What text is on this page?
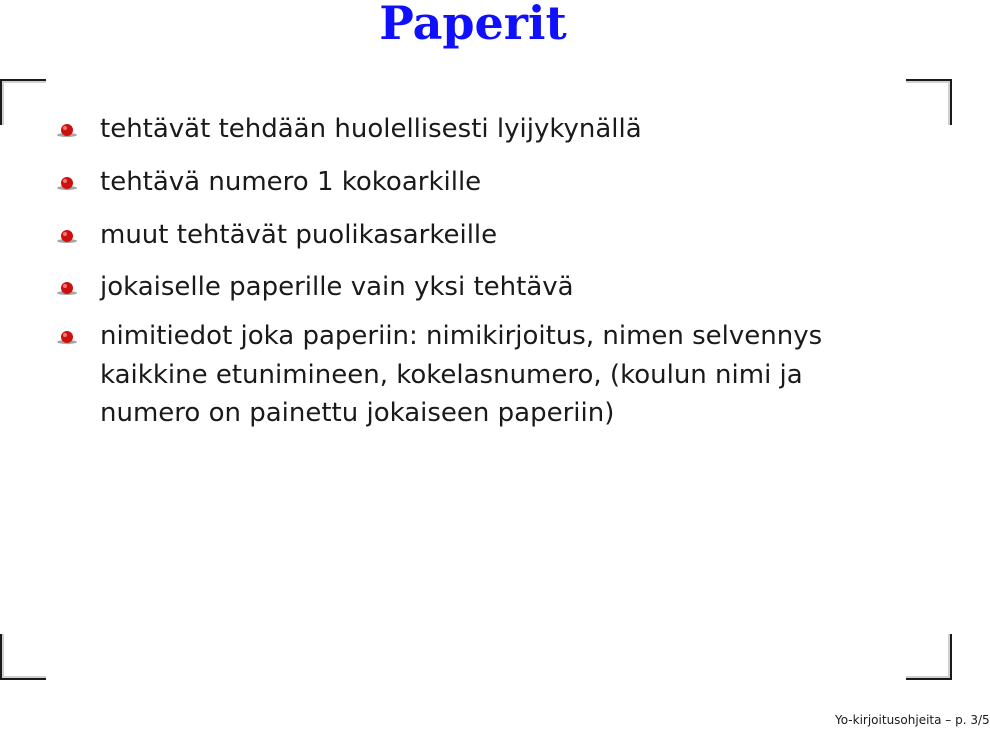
Paperit
tehtävät tehdään huolellisesti lyijykynällä
tehtävä numero 1 kokoarkille
muut tehtävät puolikasarkeille
jokaiselle paperille vain yksi tehtävä
nimitiedot joka paperiin: nimikirjoitus, nimen selvennys kaikkine etunimineen, kokelasnumero, (koulun nimi ja numero on painettu jokaiseen paperiin)
Yo-kirjoitusohjeita – p. 3/5
